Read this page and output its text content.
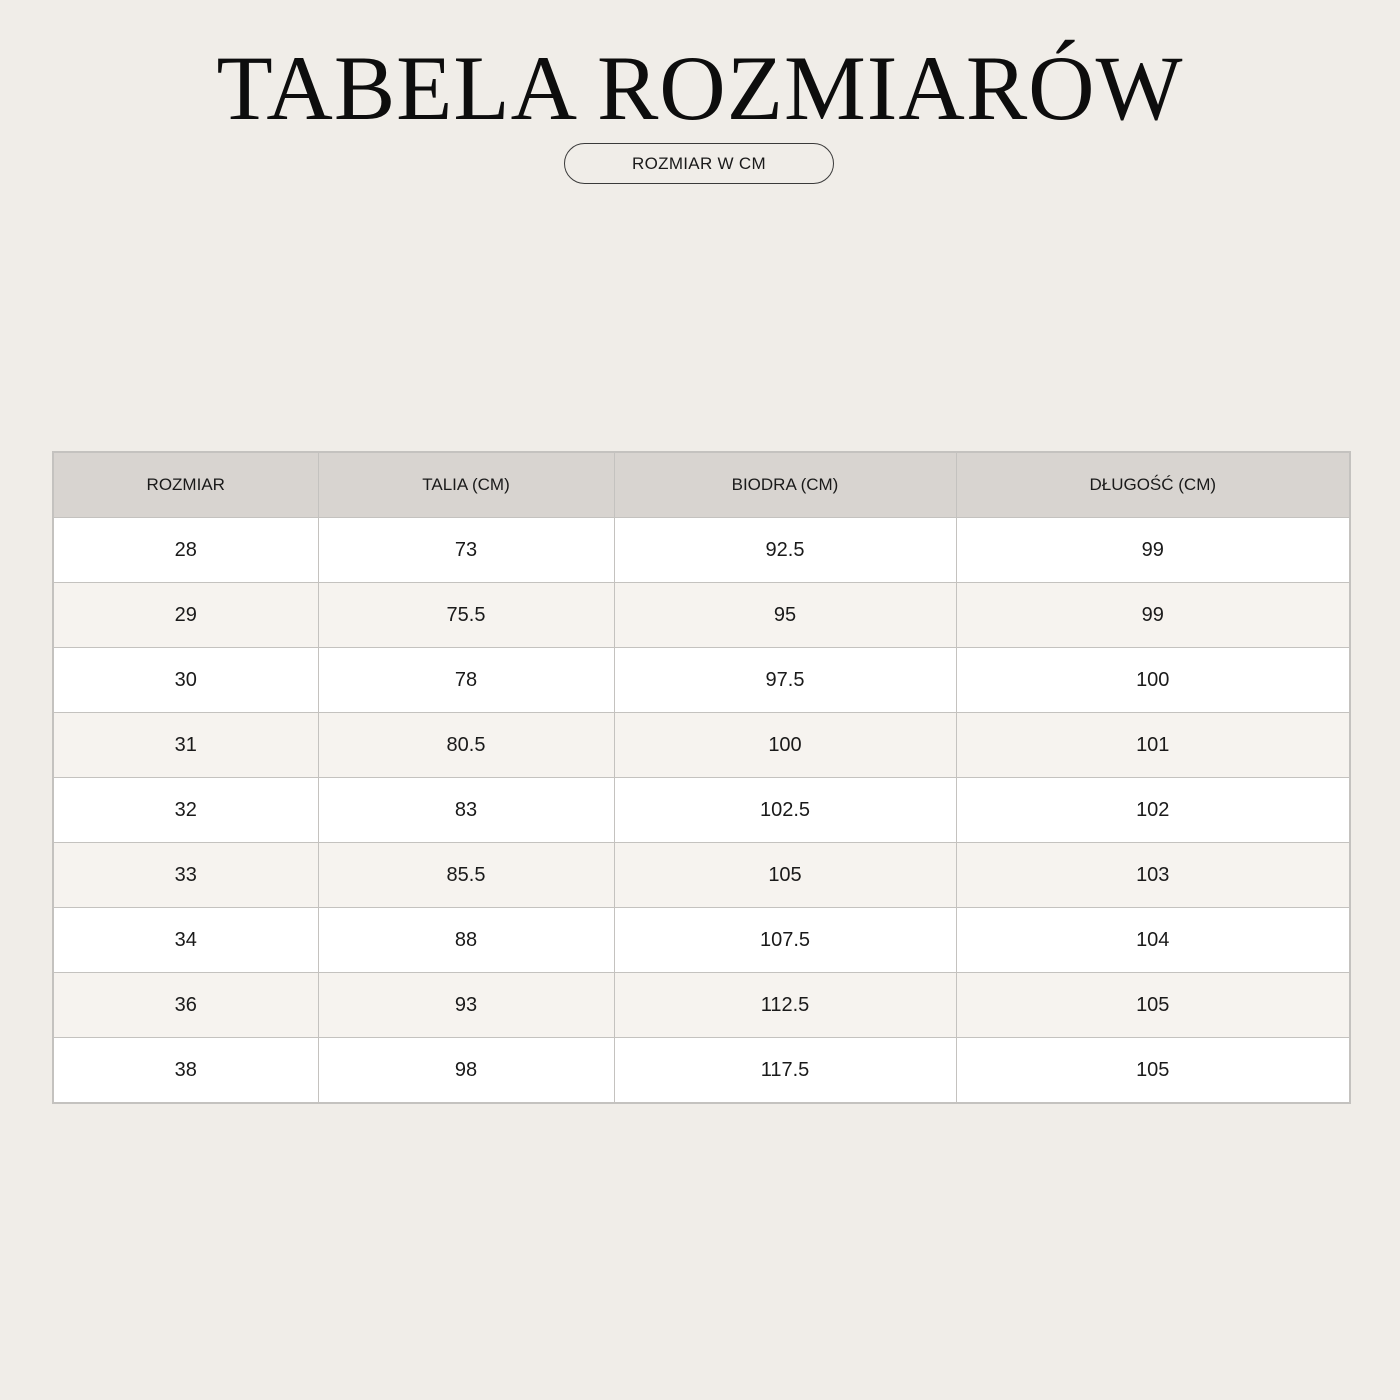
TABELA ROZMIARÓW
ROZMIAR W CM
ROZMIAR	TALIA (CM)	BIODRA (CM)	DŁUGOŚĆ (CM)
28	73	92.5	99
29	75.5	95	99
30	78	97.5	100
31	80.5	100	101
32	83	102.5	102
33	85.5	105	103
34	88	107.5	104
36	93	112.5	105
38	98	117.5	105
